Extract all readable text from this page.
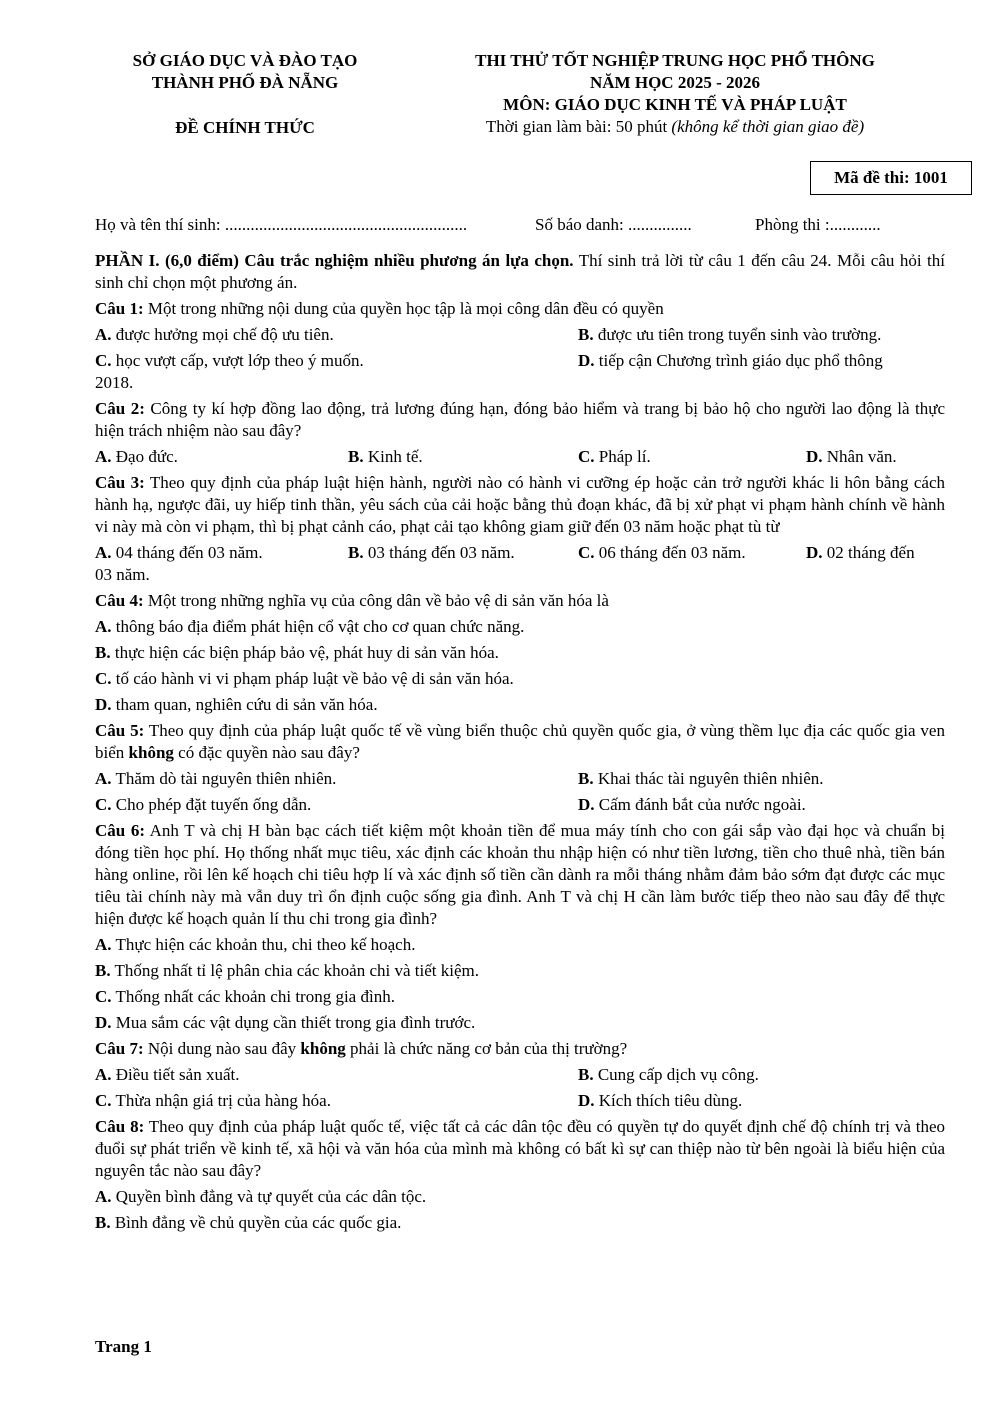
SỞ GIÁO DỤC VÀ ĐÀO TẠO
THÀNH PHỐ ĐÀ NẴNG
ĐỀ CHÍNH THỨC
THI THỬ TỐT NGHIỆP TRUNG HỌC PHỔ THÔNG
NĂM HỌC 2025 - 2026
MÔN: GIÁO DỤC KINH TẾ VÀ PHÁP LUẬT
Thời gian làm bài: 50 phút (không kể thời gian giao đề)
Mã đề thi: 1001
Họ và tên thí sinh: .........................................................	Số báo danh: ...............	Phòng thi :............

PHẦN I. (6,0 điểm) Câu trắc nghiệm nhiều phương án lựa chọn. Thí sinh trả lời từ câu 1 đến câu 24. Mỗi câu hỏi thí sinh chỉ chọn một phương án.

Câu 1: Một trong những nội dung của quyền học tập là mọi công dân đều có quyền

A. được hưởng mọi chế độ ưu tiên.	B. được ưu tiên trong tuyển sinh vào trường.
C. học vượt cấp, vượt lớp theo ý muốn.	D. tiếp cận Chương trình giáo dục phổ thông

2018.

Câu 2: Công ty kí hợp đồng lao động, trả lương đúng hạn, đóng bảo hiểm và trang bị bảo hộ cho người lao động là thực hiện trách nhiệm nào sau đây?

A. Đạo đức.	B. Kinh tế.	C. Pháp lí.	D. Nhân văn.

Câu 3: Theo quy định của pháp luật hiện hành, người nào có hành vi cưỡng ép hoặc cản trở người khác li hôn bằng cách hành hạ, ngược đãi, uy hiếp tinh thần, yêu sách của cải hoặc bằng thủ đoạn khác, đã bị xử phạt vi phạm hành chính về hành vi này mà còn vi phạm, thì bị phạt cảnh cáo, phạt cải tạo không giam giữ đến 03 năm hoặc phạt tù từ

A. 04 tháng đến 03 năm.	B. 03 tháng đến 03 năm.	C. 06 tháng đến 03 năm.	D. 02 tháng đến

03 năm.

Câu 4: Một trong những nghĩa vụ của công dân về bảo vệ di sản văn hóa là

A. thông báo địa điểm phát hiện cổ vật cho cơ quan chức năng.

B. thực hiện các biện pháp bảo vệ, phát huy di sản văn hóa.

C. tố cáo hành vi vi phạm pháp luật về bảo vệ di sản văn hóa.

D. tham quan, nghiên cứu di sản văn hóa.

Câu 5: Theo quy định của pháp luật quốc tế về vùng biển thuộc chủ quyền quốc gia, ở vùng thềm lục địa các quốc gia ven biển không có đặc quyền nào sau đây?

A. Thăm dò tài nguyên thiên nhiên.	B. Khai thác tài nguyên thiên nhiên.
C. Cho phép đặt tuyến ống dẫn.	D. Cấm đánh bắt của nước ngoài.

Câu 6: Anh T và chị H bàn bạc cách tiết kiệm một khoản tiền để mua máy tính cho con gái sắp vào đại học và chuẩn bị đóng tiền học phí. Họ thống nhất mục tiêu, xác định các khoản thu nhập hiện có như tiền lương, tiền cho thuê nhà, tiền bán hàng online, rồi lên kế hoạch chi tiêu hợp lí và xác định số tiền cần dành ra mỗi tháng nhằm đảm bảo sớm đạt được các mục tiêu tài chính này mà vẫn duy trì ổn định cuộc sống gia đình. Anh T và chị H cần làm bước tiếp theo nào sau đây để thực hiện được kế hoạch quản lí thu chi trong gia đình?

A. Thực hiện các khoản thu, chi theo kế hoạch.

B. Thống nhất tỉ lệ phân chia các khoản chi và tiết kiệm.

C. Thống nhất các khoản chi trong gia đình.

D. Mua sắm các vật dụng cần thiết trong gia đình trước.

Câu 7: Nội dung nào sau đây không phải là chức năng cơ bản của thị trường?

A. Điều tiết sản xuất.	B. Cung cấp dịch vụ công.
C. Thừa nhận giá trị của hàng hóa.	D. Kích thích tiêu dùng.

Câu 8: Theo quy định của pháp luật quốc tế, việc tất cả các dân tộc đều có quyền tự do quyết định chế độ chính trị và theo đuổi sự phát triển về kinh tế, xã hội và văn hóa của mình mà không có bất kì sự can thiệp nào từ bên ngoài là biểu hiện của nguyên tắc nào sau đây?

A. Quyền bình đẳng và tự quyết của các dân tộc.

B. Bình đẳng về chủ quyền của các quốc gia.

Trang 1
